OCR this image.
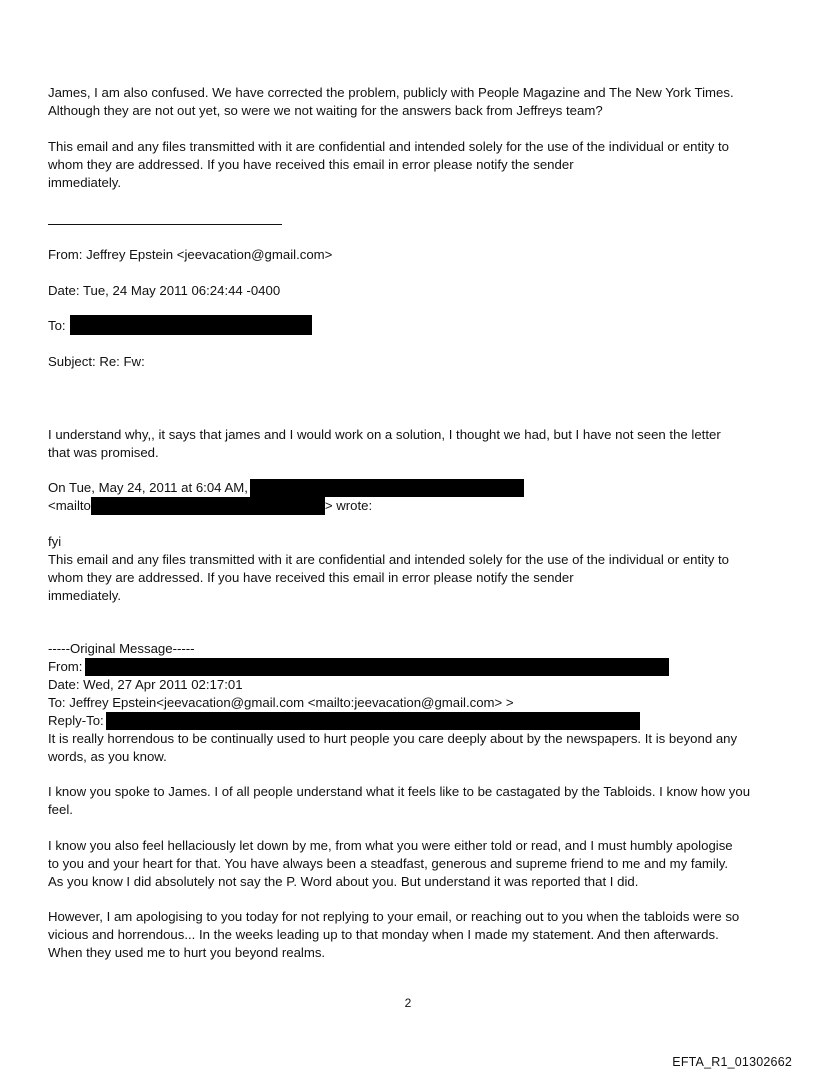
James, I am also confused. We have corrected the problem, publicly with People Magazine and The New York Times.
Although they are not out yet, so were we not waiting for the answers back from Jeffreys team?
This email and any files transmitted with it are confidential and intended solely for the use of the individual or entity to
whom they are addressed. If you have received this email in error please notify the sender
immediately.
From: Jeffrey Epstein <jeevacation@gmail.com>
Date: Tue, 24 May 2011 06:24:44 -0400
To:
Subject: Re: Fw:
I understand why,, it says that james and I would work on a solution, I thought we had, but I have not seen the letter
that was promised.
On Tue, May 24, 2011 at 6:04 AM,
<mailto	> wrote:
fyi
This email and any files transmitted with it are confidential and intended solely for the use of the individual or entity to
whom they are addressed. If you have received this email in error please notify the sender
immediately.
-----Original Message-----
From:
Date: Wed, 27 Apr 2011 02:17:01
To: Jeffrey Epstein<jeevacation@gmail.com <mailto:jeevacation@gmail.com> >
Reply-To:
It is really horrendous to be continually used to hurt people you care deeply about by the newspapers. It is beyond any
words, as you know.
I know you spoke to James. I of all people understand what it feels like to be castagated by the Tabloids. I know how you
feel.
I know you also feel hellaciously let down by me, from what you were either told or read, and I must humbly apologise
to you and your heart for that. You have always been a steadfast, generous and supreme friend to me and my family.
As you know I did absolutely not say the P. Word about you. But understand it was reported that I did.
However, I am apologising to you today for not replying to your email, or reaching out to you when the tabloids were so
vicious and horrendous... In the weeks leading up to that monday when I made my statement. And then afterwards.
When they used me to hurt you beyond realms.
2
EFTA_R1_01302662
